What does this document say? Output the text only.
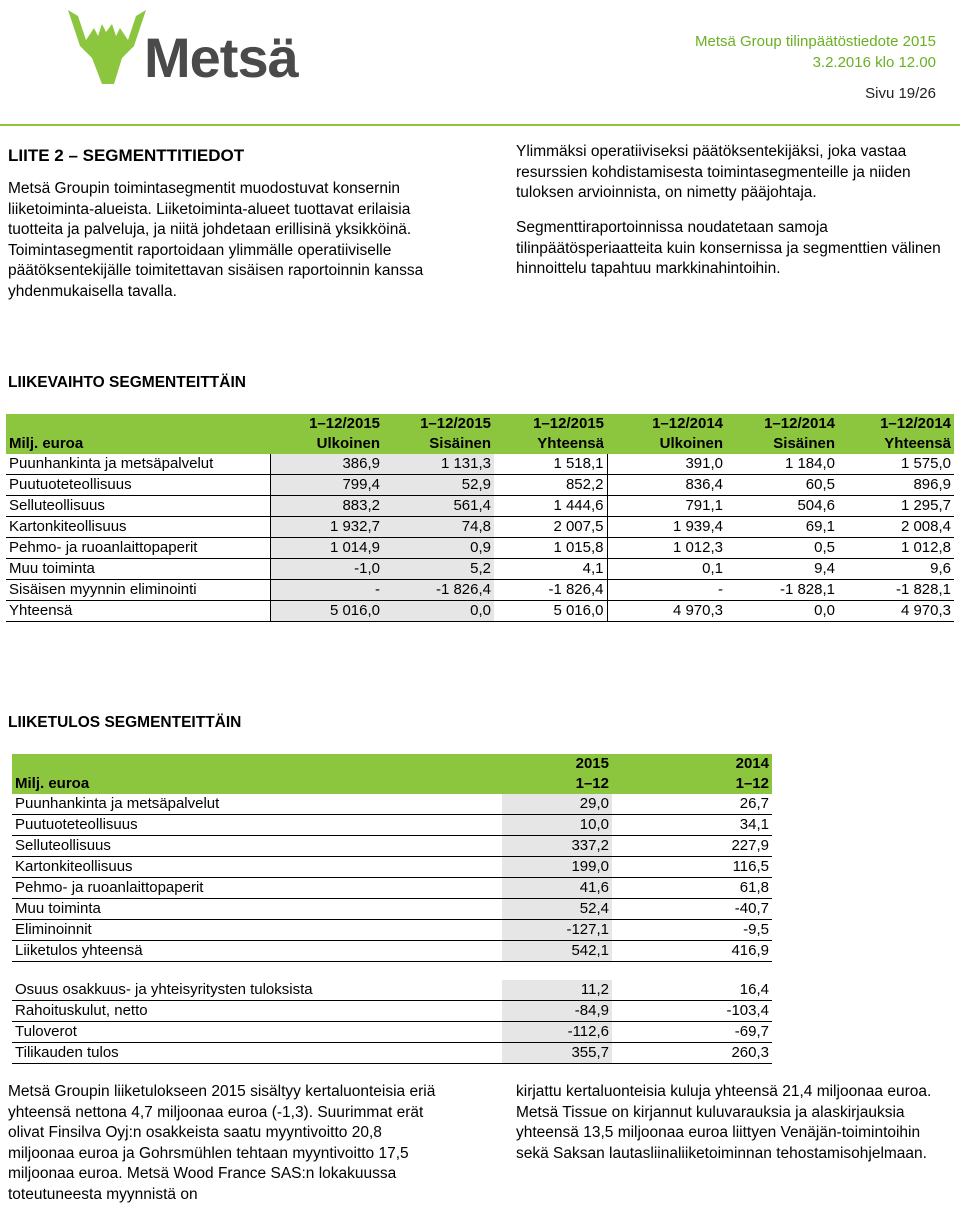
Metsä	Metsä Group tilinpäätöstiedote 2015
3.2.2016 klo 12.00
Sivu 19/26
LIITE 2 – SEGMENTTITIEDOT
Metsä Groupin toimintasegmentit muodostuvat konsernin liiketoiminta-alueista. Liiketoiminta-alueet tuottavat erilaisia tuotteita ja palveluja, ja niitä johdetaan erillisinä yksikköinä. Toimintasegmentit raportoidaan ylimmälle operatiiviselle päätöksentekijälle toimitettavan sisäisen raportoinnin kanssa yhdenmukaisella tavalla.
Ylimmäksi operatiiviseksi päätöksentekijäksi, joka vastaa resurssien kohdistamisesta toimintasegmenteille ja niiden tuloksen arvioinnista, on nimetty pääjohtaja.
Segmenttiraportoinnissa noudatetaan samoja tilinpäätösperiaatteita kuin konsernissa ja segmenttien välinen hinnoittelu tapahtuu markkinahintoihin.
LIIKEVAIHTO SEGMENTEITTÄIN
	1–12/2015	1–12/2015	1–12/2015	1–12/2014	1–12/2014	1–12/2014
Milj. euroa	Ulkoinen	Sisäinen	Yhteensä	Ulkoinen	Sisäinen	Yhteensä
Puunhankinta ja metsäpalvelut	386,9	1 131,3	1 518,1	391,0	1 184,0	1 575,0
Puutuoteteollisuus	799,4	52,9	852,2	836,4	60,5	896,9
Selluteollisuus	883,2	561,4	1 444,6	791,1	504,6	1 295,7
Kartonkiteollisuus	1 932,7	74,8	2 007,5	1 939,4	69,1	2 008,4
Pehmo- ja ruoanlaittopaperit	1 014,9	0,9	1 015,8	1 012,3	0,5	1 012,8
Muu toiminta	-1,0	5,2	4,1	0,1	9,4	9,6
Sisäisen myynnin eliminointi	-	-1 826,4	-1 826,4	-	-1 828,1	-1 828,1
Yhteensä	5 016,0	0,0	5 016,0	4 970,3	0,0	4 970,3
LIIKETULOS SEGMENTEITTÄIN
	2015	2014
Milj. euroa	1–12	1–12
Puunhankinta ja metsäpalvelut	29,0	26,7
Puutuoteteollisuus	10,0	34,1
Selluteollisuus	337,2	227,9
Kartonkiteollisuus	199,0	116,5
Pehmo- ja ruoanlaittopaperit	41,6	61,8
Muu toiminta	52,4	-40,7
Eliminoinnit	-127,1	-9,5
Liiketulos yhteensä	542,1	416,9

Osuus osakkuus- ja yhteisyritysten tuloksista	11,2	16,4
Rahoituskulut, netto	-84,9	-103,4
Tuloverot	-112,6	-69,7
Tilikauden tulos	355,7	260,3
Metsä Groupin liiketulokseen 2015 sisältyy kertaluonteisia eriä yhteensä nettona 4,7 miljoonaa euroa (-1,3). Suurimmat erät olivat Finsilva Oyj:n osakkeista saatu myyntivoitto 20,8 miljoonaa euroa ja Gohrsmühlen tehtaan myyntivoitto 17,5 miljoonaa euroa. Metsä Wood France SAS:n lokakuussa toteutuneesta myynnistä on
kirjattu kertaluonteisia kuluja yhteensä 21,4 miljoonaa euroa. Metsä Tissue on kirjannut kuluvarauksia ja alaskirjauksia yhteensä 13,5 miljoonaa euroa liittyen Venäjän-toimintoihin sekä Saksan lautasliinaliiketoiminnan tehostamisohjelmaan.
